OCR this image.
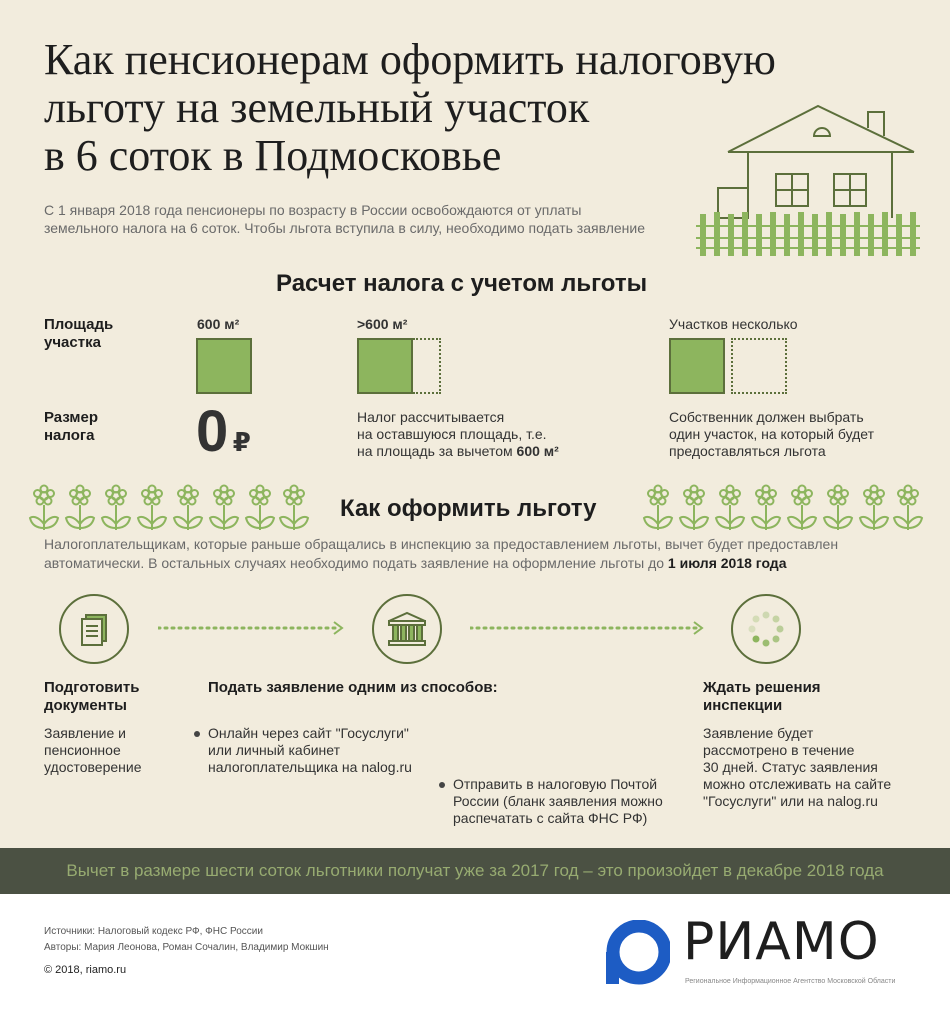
Как пенсионерам оформить налоговую
льготу на земельный участок
в 6 соток в Подмосковье
С 1 января 2018 года пенсионеры по возрасту в России освобождаются от уплаты
земельного налога на 6 соток. Чтобы льгота вступила в силу, необходимо подать заявление
Расчет налога с учетом льготы
Площадь
участка
Размер
налога
600 м²
0 ₽
>600 м²
Налог рассчитывается
на оставшуюся площадь, т.е.
на площадь за вычетом 600 м²
Участков несколько
Собственник должен выбрать
один участок, на который будет
предоставляться льгота
Как оформить льготу
Налогоплательщикам, которые раньше обращались в инспекцию за предоставлением льготы, вычет будет предоставлен
автоматически. В остальных случаях необходимо подать заявление на оформление льготы до 1 июля 2018 года
Подготовить
документы
Заявление и
пенсионное
удостоверение
Подать заявление одним из способов:
Онлайн через сайт "Госуслуги"
или личный кабинет
налогоплательщика на nalog.ru
Отправить в налоговую Почтой
России (бланк заявления можно
распечатать с сайта ФНС РФ)
Ждать решения
инспекции
Заявление будет
рассмотрено в течение
30 дней. Статус заявления
можно отслеживать на сайте
"Госуслуги" или на nalog.ru
Вычет в размере шести соток льготники получат уже за 2017 год – это произойдет в декабре 2018 года
Источники: Налоговый кодекс РФ, ФНС России
Авторы: Мария Леонова, Роман Сочалин, Владимир Мокшин
© 2018, riamo.ru	РИАМО
Региональное Информационное Агентство Московской Области
